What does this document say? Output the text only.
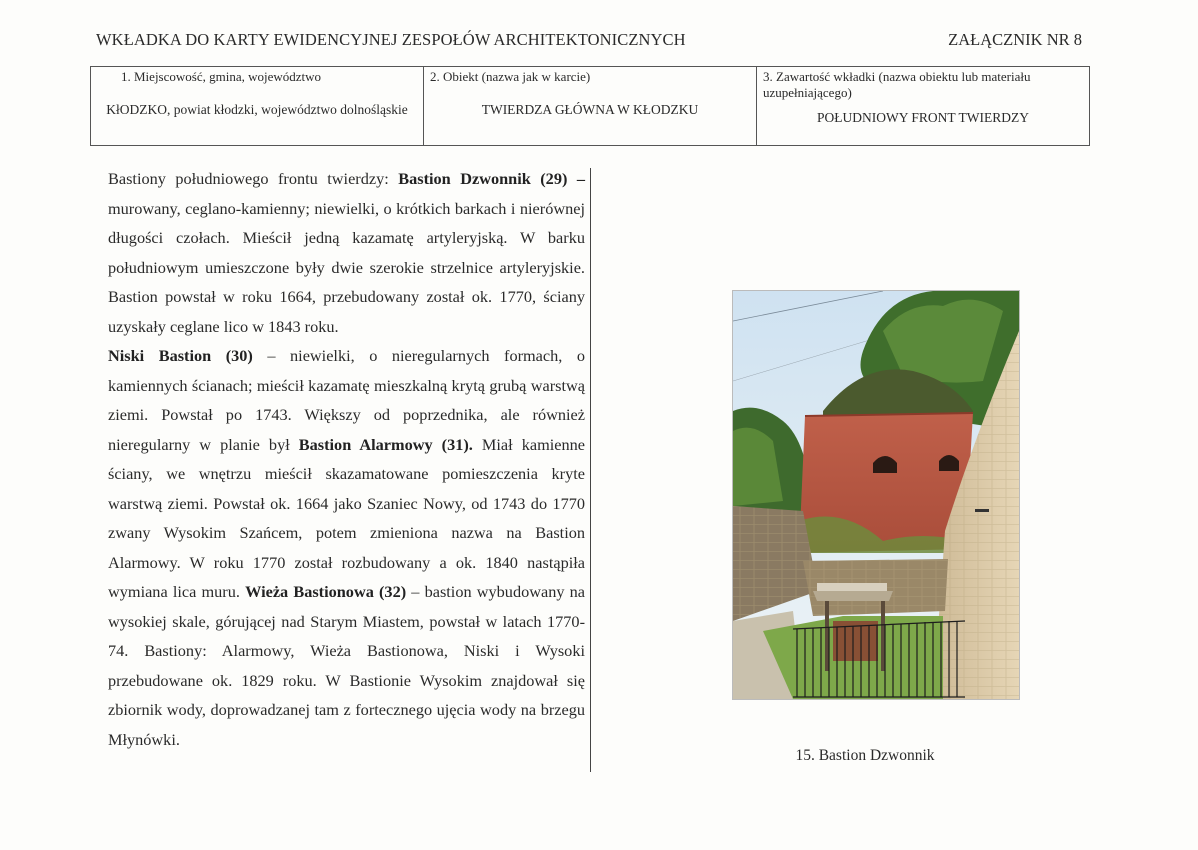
WKŁADKA DO KARTY EWIDENCYJNEJ ZESPOŁÓW ARCHITEKTONICZNYCH	ZAŁĄCZNIK NR 8
1. Miejscowość, gmina, województwo
KłODZKO, powiat kłodzki, województwo dolnośląskie
2. Obiekt (nazwa jak w karcie)
TWIERDZA GŁÓWNA W KŁODZKU
3. Zawartość wkładki (nazwa obiektu lub materiału uzupełniającego)
POŁUDNIOWY FRONT TWIERDZY
Bastiony południowego frontu twierdzy: Bastion Dzwonnik (29) – murowany, ceglano-kamienny; niewielki, o krótkich barkach i nierównej długości czołach. Mieścił jedną kazamatę artyleryjską. W barku południowym umieszczone były dwie szerokie strzelnice artyleryjskie. Bastion powstał w roku 1664, przebudowany został ok. 1770, ściany uzyskały ceglane lico w 1843 roku.
Niski Bastion (30) – niewielki, o nieregularnych formach, o kamiennych ścianach; mieścił kazamatę mieszkalną krytą grubą warstwą ziemi. Powstał po 1743. Większy od poprzednika, ale również nieregularny w planie był Bastion Alarmowy (31). Miał kamienne ściany, we wnętrzu mieścił skazamatowane pomieszczenia kryte warstwą ziemi. Powstał ok. 1664 jako Szaniec Nowy, od 1743 do 1770 zwany Wysokim Szańcem, potem zmieniona nazwa na Bastion Alarmowy. W roku 1770 został rozbudowany a ok. 1840 nastąpiła wymiana lica muru. Wieża Bastionowa (32) – bastion wybudowany na wysokiej skale, górującej nad Starym Miastem, powstał w latach 1770-74. Bastiony: Alarmowy, Wieża Bastionowa, Niski i Wysoki przebudowane ok. 1829 roku. W Bastionie Wysokim znajdował się zbiornik wody, doprowadzanej tam z fortecznego ujęcia wody na brzegu Młynówki.
15. Bastion Dzwonnik
